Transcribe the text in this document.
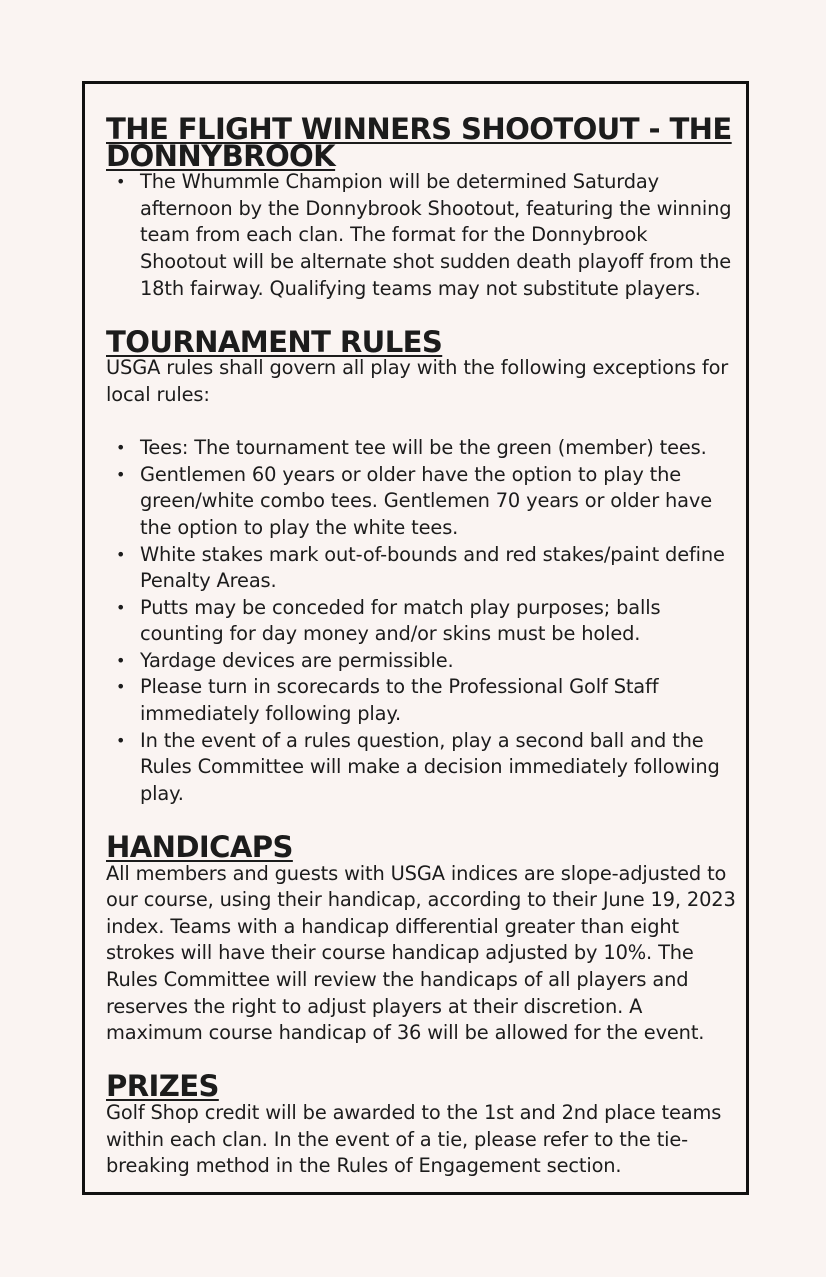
THE FLIGHT WINNERS SHOOTOUT - THE DONNYBROOK
• The Whummle Champion will be determined Saturday afternoon by the Donnybrook Shootout, featuring the winning team from each clan. The format for the Donnybrook Shootout will be alternate shot sudden death playoff from the 18th fairway. Qualifying teams may not substitute players.
TOURNAMENT RULES

USGA rules shall govern all play with the following exceptions for local rules:

• Tees: The tournament tee will be the green (member) tees.
• Gentlemen 60 years or older have the option to play the green/white combo tees. Gentlemen 70 years or older have the option to play the white tees.
• White stakes mark out-of-bounds and red stakes/paint define Penalty Areas.
• Putts may be conceded for match play purposes; balls counting for day money and/or skins must be holed.
• Yardage devices are permissible.
• Please turn in scorecards to the Professional Golf Staff immediately following play.
• In the event of a rules question, play a second ball and the Rules Committee will make a decision immediately following play.
HANDICAPS

All members and guests with USGA indices are slope-adjusted to our course, using their handicap, according to their June 19, 2023 index. Teams with a handicap differential greater than eight strokes will have their course handicap adjusted by 10%. The Rules Committee will review the handicaps of all players and reserves the right to adjust players at their discretion. A maximum course handicap of 36 will be allowed for the event.

PRIZES

Golf Shop credit will be awarded to the 1st and 2nd place teams within each clan. In the event of a tie, please refer to the tie-breaking method in the Rules of Engagement section.
